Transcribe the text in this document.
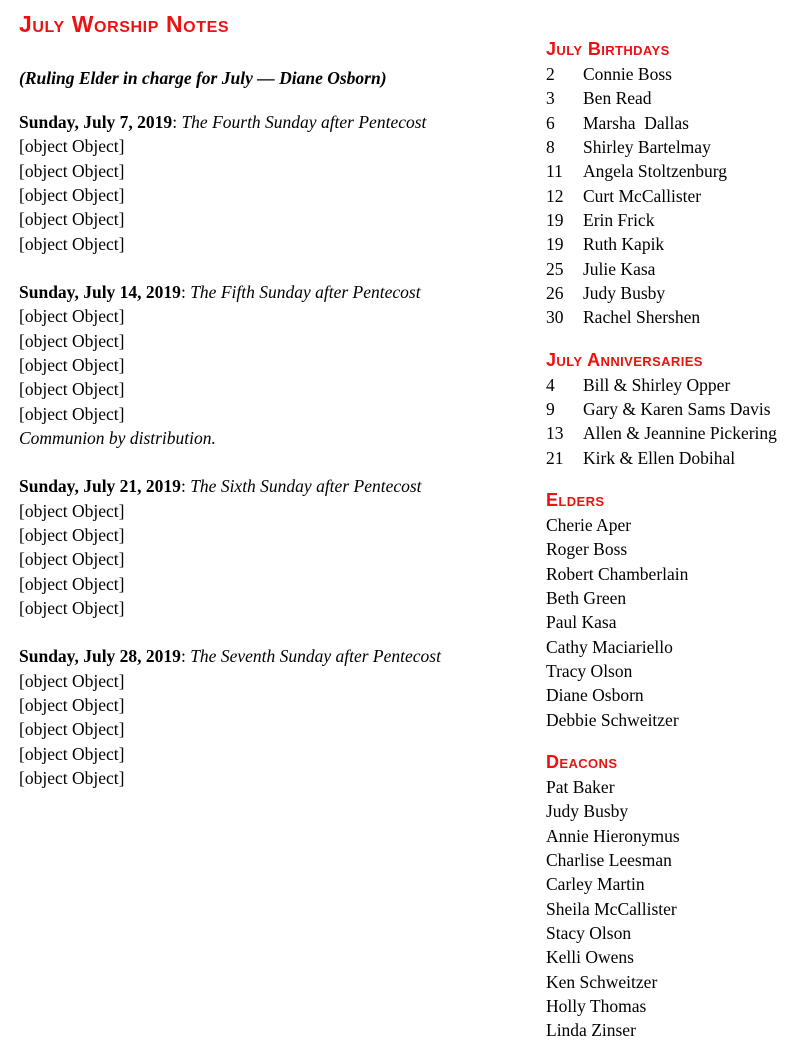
July Worship Notes
(Ruling Elder in charge for July — Diane Osborn)
Sunday, July 7, 2019: The Fourth Sunday after Pentecost
[object Object]
[object Object]
[object Object]
[object Object]
[object Object]
Sunday, July 14, 2019: The Fifth Sunday after Pentecost
[object Object]
[object Object]
[object Object]
[object Object]
[object Object]
Communion by distribution.
Sunday, July 21, 2019: The Sixth Sunday after Pentecost
[object Object]
[object Object]
[object Object]
[object Object]
[object Object]
Sunday, July 28, 2019: The Seventh Sunday after Pentecost
[object Object]
[object Object]
[object Object]
[object Object]
[object Object]
July Birthdays
2	Connie Boss
3	Ben Read
6	Marsha  Dallas
8	Shirley Bartelmay
11	Angela Stoltzenburg
12	Curt McCallister
19	Erin Frick
19	Ruth Kapik
25	Julie Kasa
26	Judy Busby
30	Rachel Shershen
July Anniversaries
4	Bill & Shirley Opper
9	Gary & Karen Sams Davis
13	Allen & Jeannine Pickering
21	Kirk & Ellen Dobihal
Elders
Cherie Aper
Roger Boss
Robert Chamberlain
Beth Green
Paul Kasa
Cathy Maciariello
Tracy Olson
Diane Osborn
Debbie Schweitzer
Deacons
Pat Baker
Judy Busby
Annie Hieronymus
Charlise Leesman
Carley Martin
Sheila McCallister
Stacy Olson
Kelli Owens
Ken Schweitzer
Holly Thomas
Linda Zinser
